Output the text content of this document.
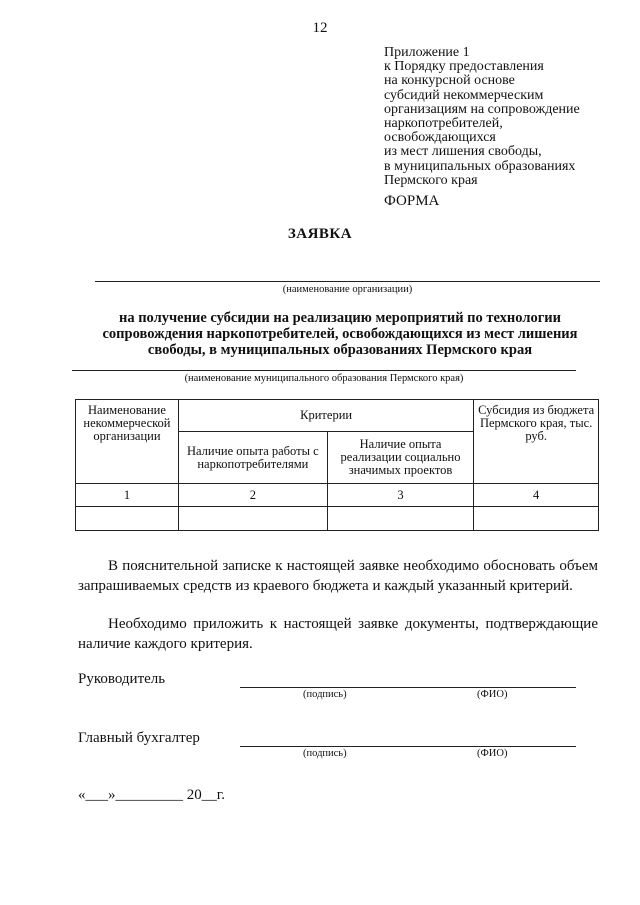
12
Приложение 1
к Порядку предоставления
на конкурсной основе
субсидий некоммерческим
организациям на сопровождение
наркопотребителей,
освобождающихся
из мест лишения свободы,
в муниципальных образованиях
Пермского края
ФОРМА
ЗАЯВКА
(наименование организации)
на получение субсидии на реализацию мероприятий по технологии
сопровождения наркопотребителей, освобождающихся из мест лишения
свободы, в муниципальных образованиях Пермского края
(наименование муниципального образования Пермского края)
Наименование некоммерческой организации	Критерии		Субсидия из бюджета Пермского края, тыс. руб.
	Наличие опыта работы с наркопотребителями	Наличие опыта реализации социально значимых проектов	
1	2	3	4

В пояснительной записке к настоящей заявке необходимо обосновать объем запрашиваемых средств из краевого бюджета и каждый указанный критерий.
Необходимо приложить к настоящей заявке документы, подтверждающие наличие каждого критерия.
Руководитель
(подпись)	(ФИО)
Главный бухгалтер
(подпись)	(ФИО)
«___»_________ 20__г.
